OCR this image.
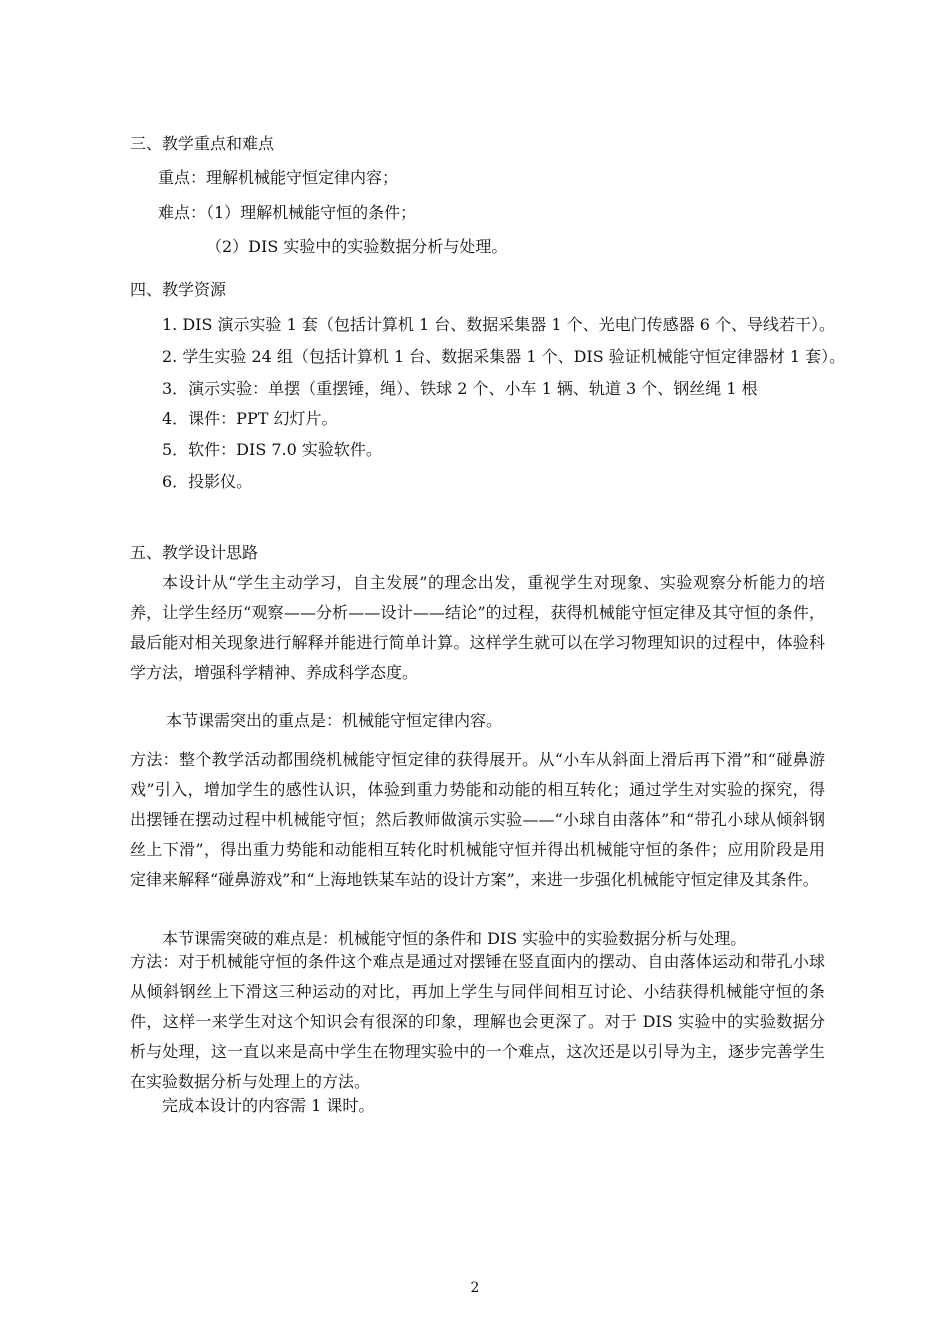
三、教学重点和难点
重点：理解机械能守恒定律内容；
难点：（1）理解机械能守恒的条件；
（2）DIS 实验中的实验数据分析与处理。
四、教学资源
1. DIS 演示实验 1 套（包括计算机 1 台、数据采集器 1 个、光电门传感器 6 个、导线若干）。
2. 学生实验 24 组（包括计算机 1 台、数据采集器 1 个、DIS 验证机械能守恒定律器材 1 套）。
3．演示实验：单摆（重摆锤，绳）、铁球 2 个、小车 1 辆、轨道 3 个、钢丝绳 1 根
4．课件：PPT 幻灯片。
5．软件：DIS 7.0 实验软件。
6．投影仪。
五、教学设计思路
本设计从“学生主动学习，自主发展”的理念出发，重视学生对现象、实验观察分析能力的培养，让学生经历“观察——分析——设计——结论”的过程，获得机械能守恒定律及其守恒的条件，最后能对相关现象进行解释并能进行简单计算。这样学生就可以在学习物理知识的过程中，体验科学方法，增强科学精神、养成科学态度。
本节课需突出的重点是：机械能守恒定律内容。
方法：整个教学活动都围绕机械能守恒定律的获得展开。从“小车从斜面上滑后再下滑”和“碰鼻游戏”引入，增加学生的感性认识，体验到重力势能和动能的相互转化；通过学生对实验的探究，得出摆锤在摆动过程中机械能守恒；然后教师做演示实验——“小球自由落体”和“带孔小球从倾斜钢丝上下滑”，得出重力势能和动能相互转化时机械能守恒并得出机械能守恒的条件；应用阶段是用定律来解释“碰鼻游戏”和“上海地铁某车站的设计方案”，来进一步强化机械能守恒定律及其条件。
本节课需突破的难点是：机械能守恒的条件和 DIS 实验中的实验数据分析与处理。
方法：对于机械能守恒的条件这个难点是通过对摆锤在竖直面内的摆动、自由落体运动和带孔小球从倾斜钢丝上下滑这三种运动的对比，再加上学生与同伴间相互讨论、小结获得机械能守恒的条件，这样一来学生对这个知识会有很深的印象，理解也会更深了。对于 DIS 实验中的实验数据分析与处理，这一直以来是高中学生在物理实验中的一个难点，这次还是以引导为主，逐步完善学生在实验数据分析与处理上的方法。
完成本设计的内容需 1 课时。
2
